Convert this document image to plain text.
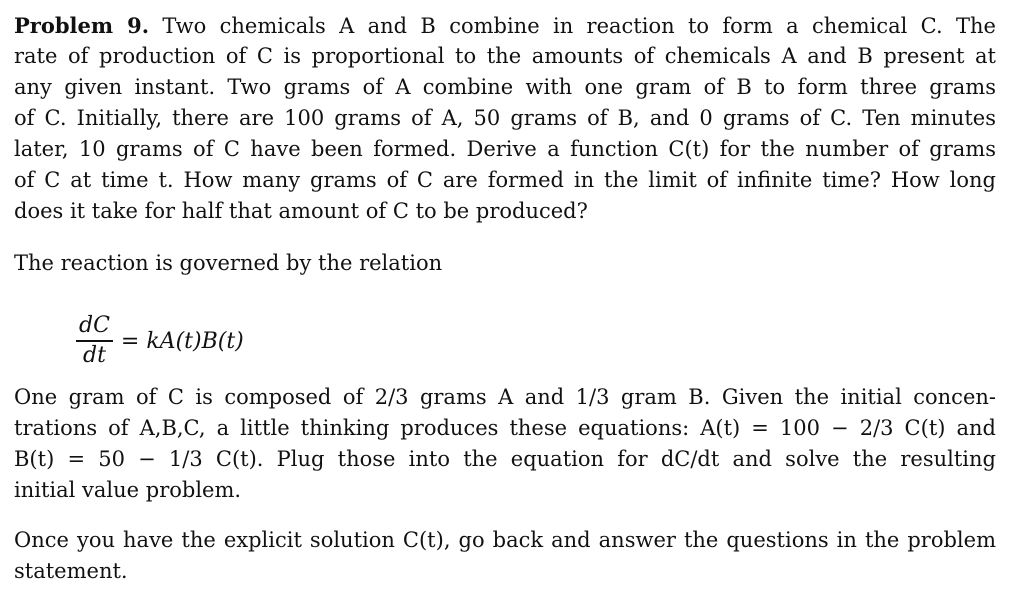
Problem 9. Two chemicals A and B combine in reaction to form a chemical C. The
rate of production of C is proportional to the amounts of chemicals A and B present at
any given instant. Two grams of A combine with one gram of B to form three grams
of C. Initially, there are 100 grams of A, 50 grams of B, and 0 grams of C. Ten minutes
later, 10 grams of C have been formed. Derive a function C(t) for the number of grams
of C at time t. How many grams of C are formed in the limit of infinite time? How long
does it take for half that amount of C to be produced?
The reaction is governed by the relation
$\frac{dC}{dt} = kA(t)B(t)$
One gram of C is composed of 2/3 grams A and 1/3 gram B. Given the initial concen-
trations of A,B,C, a little thinking produces these equations: A(t) = 100 − 2/3 C(t) and
B(t) = 50 − 1/3 C(t). Plug those into the equation for dC/dt and solve the resulting
initial value problem.
Once you have the explicit solution C(t), go back and answer the questions in the problem
statement.
